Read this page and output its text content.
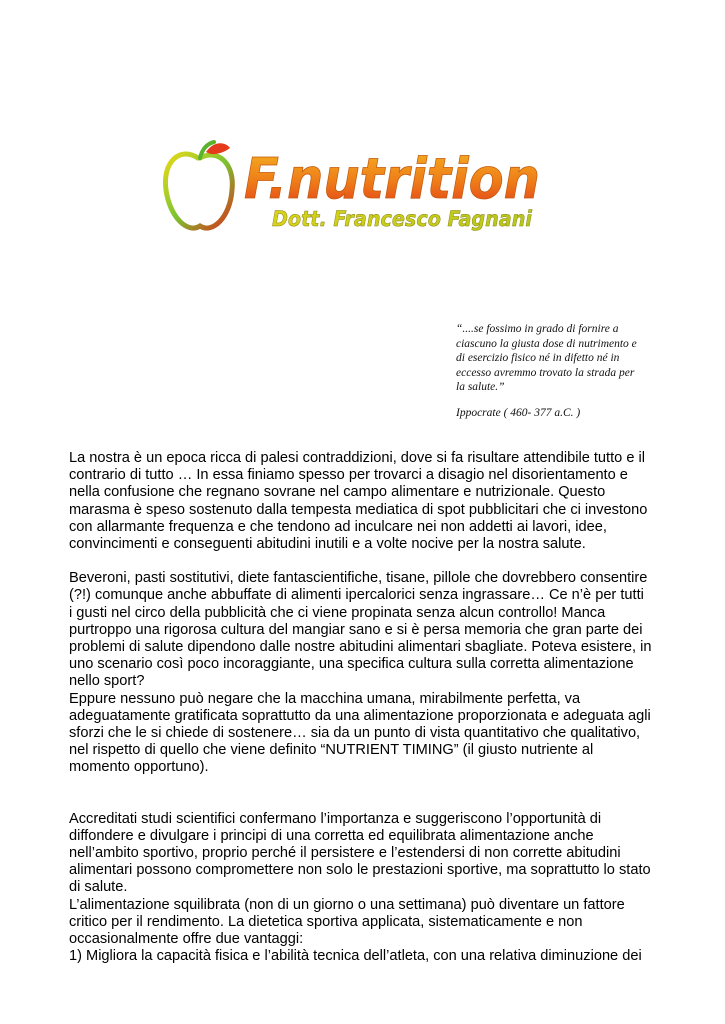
F.nutrition
Dott. Francesco Fagnani

“....se fossimo in grado di fornire a ciascuno la giusta dose di nutrimento e di esercizio fisico né in difetto né in eccesso avremmo trovato la strada per la salute.”

Ippocrate ( 460- 377 a.C. )

La nostra è un epoca ricca di palesi contraddizioni, dove si fa risultare attendibile tutto e il
contrario di tutto … In essa finiamo spesso per trovarci a disagio nel disorientamento e
nella confusione che regnano sovrane nel campo alimentare e nutrizionale. Questo
marasma è speso sostenuto dalla tempesta mediatica di spot pubblicitari che ci investono
con allarmante frequenza e che tendono ad inculcare nei non addetti ai lavori, idee,
convincimenti e conseguenti abitudini inutili e a volte nocive per la nostra salute.

Beveroni, pasti sostitutivi, diete fantascientifiche, tisane, pillole che dovrebbero consentire
(?!) comunque anche abbuffate di alimenti ipercalorici senza ingrassare… Ce n’è per tutti
i gusti nel circo della pubblicità che ci viene propinata senza alcun controllo! Manca
purtroppo una rigorosa cultura del mangiar sano e si è persa memoria che gran parte dei
problemi di salute dipendono dalle nostre abitudini alimentari sbagliate. Poteva esistere, in
uno scenario così poco incoraggiante, una specifica cultura sulla corretta alimentazione
nello sport?

Eppure nessuno può negare che la macchina umana, mirabilmente perfetta, va
adeguatamente gratificata soprattutto da una alimentazione proporzionata e adeguata agli
sforzi che le si chiede di sostenere… sia da un punto di vista quantitativo che qualitativo,
nel rispetto di quello che viene definito “NUTRIENT TIMING” (il giusto nutriente al
momento opportuno).

Accreditati studi scientifici confermano l’importanza e suggeriscono l’opportunità di
diffondere e divulgare i principi di una corretta ed equilibrata alimentazione anche
nell’ambito sportivo, proprio perché il persistere e l’estendersi di non corrette abitudini
alimentari possono compromettere non solo le prestazioni sportive, ma soprattutto lo stato
di salute.

L’alimentazione squilibrata (non di un giorno o una settimana) può diventare un fattore
critico per il rendimento. La dietetica sportiva applicata, sistematicamente e non
occasionalmente offre due vantaggi:

1) Migliora la capacità fisica e l’abilità tecnica dell’atleta, con una relativa diminuzione dei
